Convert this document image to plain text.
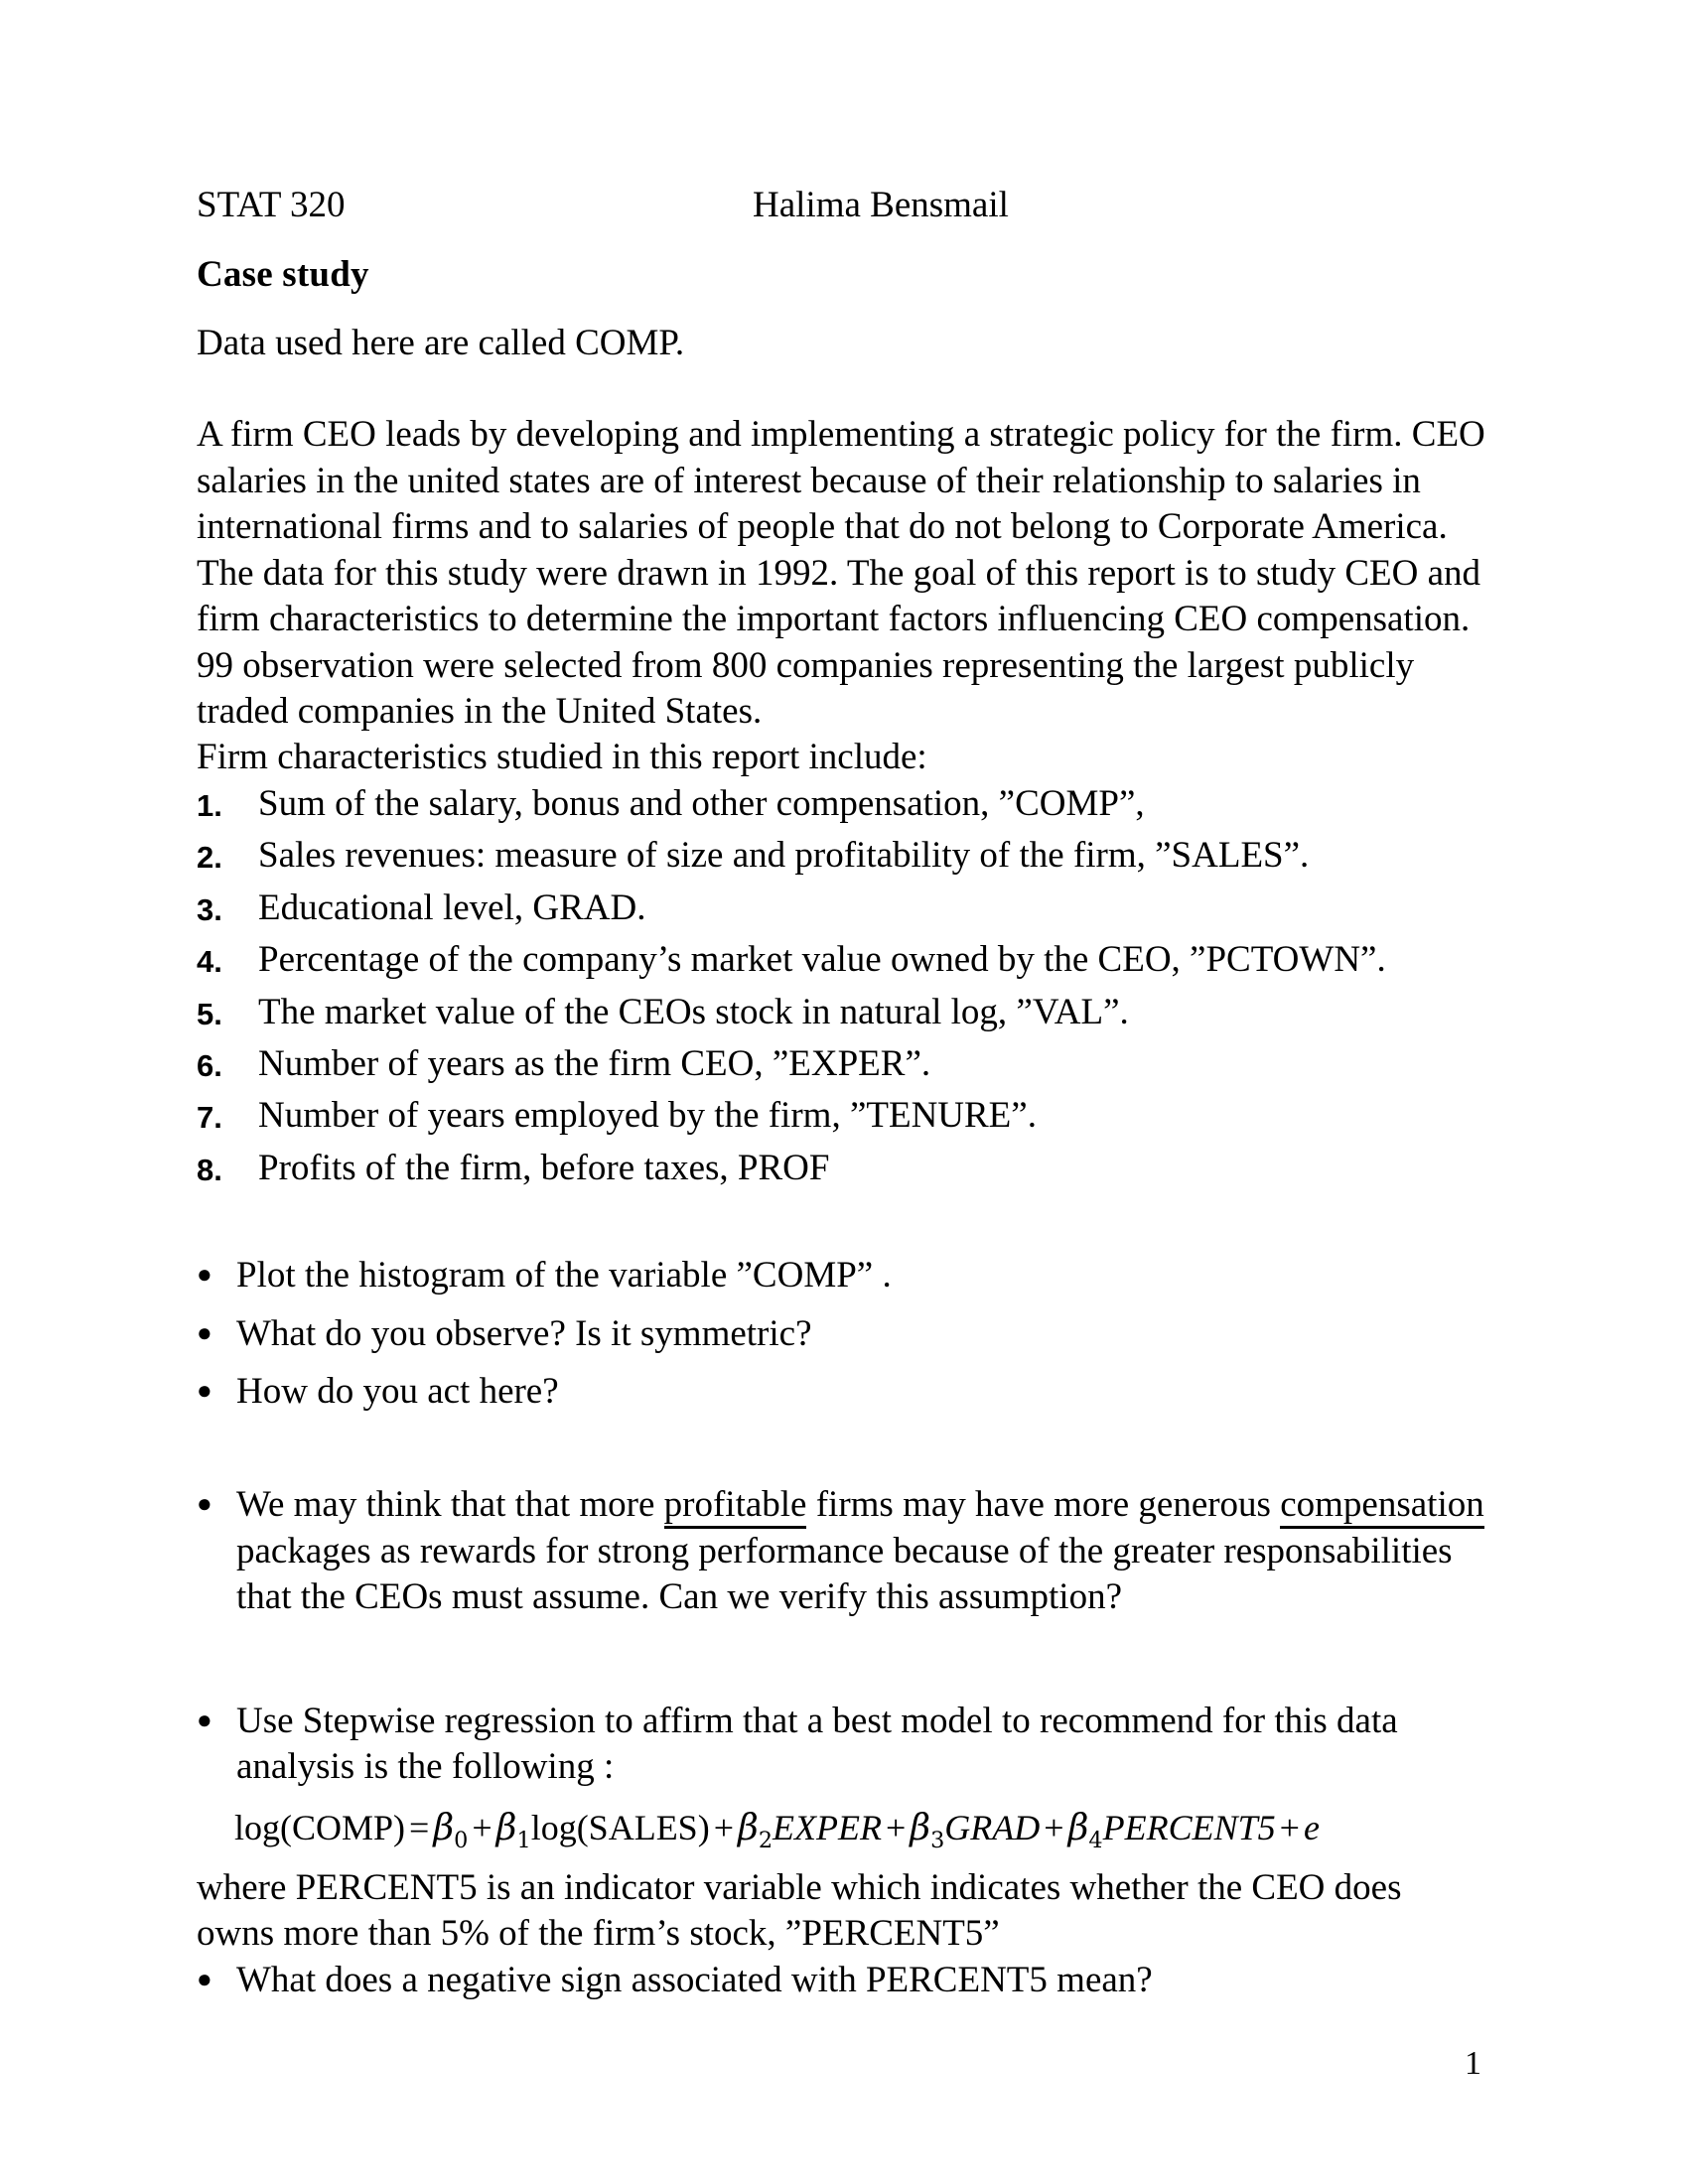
STAT 320	Halima Bensmail
Case study

Data used here are called COMP.

A firm CEO leads by developing and implementing a strategic policy for the firm. CEO salaries in the united states are of interest because of their relationship to salaries in international firms and to salaries of people that do not belong to Corporate America.

The data for this study were drawn in 1992. The goal of this report is to study CEO and firm characteristics to determine the important factors influencing CEO compensation.

99 observation were selected from 800 companies representing the largest publicly traded companies in the United States.

Firm characteristics studied in this report include:

1. Sum of the salary, bonus and other compensation, ”COMP”,
2. Sales revenues: measure of size and profitability of the firm, ”SALES”.
3. Educational level, GRAD.
4. Percentage of the company’s market value owned by the CEO, ”PCTOWN”.
5. The market value of the CEOs stock in natural log, ”VAL”.
6. Number of years as the firm CEO, ”EXPER”.
7. Number of years employed by the firm, ”TENURE”.
8. Profits of the firm, before taxes, PROF
● Plot the histogram of the variable ”COMP” .
● What do you observe? Is it symmetric?
● How do you act here?
● We may think that that more profitable firms may have more generous compensation packages as rewards for strong performance because of the greater responsabilities that the CEOs must assume. Can we verify this assumption?
● Use Stepwise regression to affirm that a best model to recommend for this data analysis is the following :
log(COMP) = $\beta_0$ + $\beta_1\log(SALES)$ + $\beta_2EXPER$ + $\beta_3GRAD$ + $\beta_4PERCENT5 + e$

where PERCENT5 is an indicator variable which indicates whether the CEO does owns more than 5% of the firm’s stock, ”PERCENT5”

● What does a negative sign associated with PERCENT5 mean?
1
